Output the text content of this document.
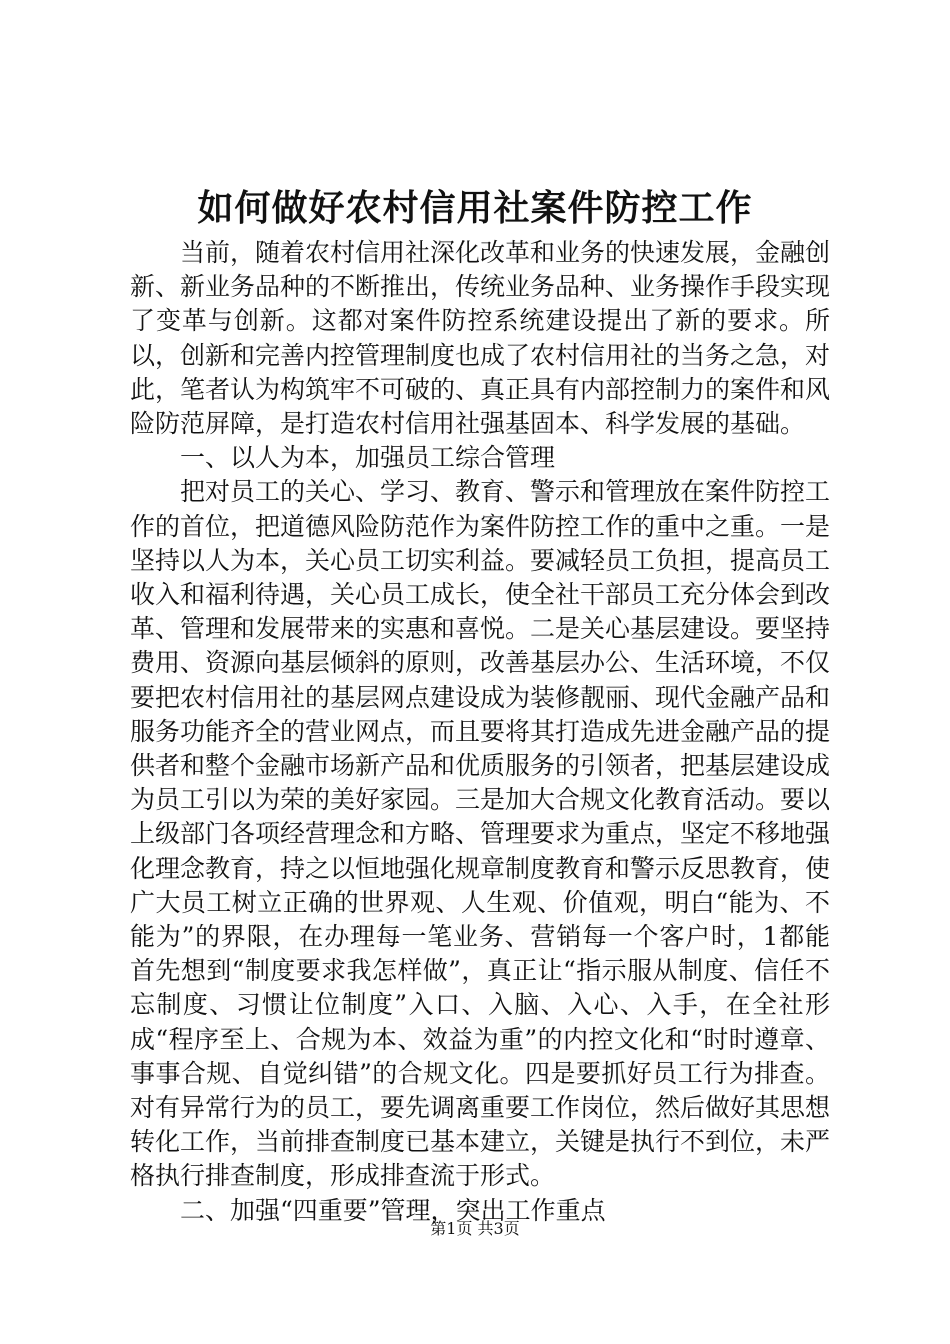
如何做好农村信用社案件防控工作

当前，随着农村信用社深化改革和业务的快速发展，金融创新、新业务品种的不断推出，传统业务品种、业务操作手段实现了变革与创新。这都对案件防控系统建设提出了新的要求。所以，创新和完善内控管理制度也成了农村信用社的当务之急，对此，笔者认为构筑牢不可破的、真正具有内部控制力的案件和风险防范屏障，是打造农村信用社强基固本、科学发展的基础。

一、以人为本，加强员工综合管理

把对员工的关心、学习、教育、警示和管理放在案件防控工作的首位，把道德风险防范作为案件防控工作的重中之重。一是坚持以人为本，关心员工切实利益。要减轻员工负担，提高员工收入和福利待遇，关心员工成长，使全社干部员工充分体会到改革、管理和发展带来的实惠和喜悦。二是关心基层建设。要坚持费用、资源向基层倾斜的原则，改善基层办公、生活环境，不仅要把农村信用社的基层网点建设成为装修靓丽、现代金融产品和服务功能齐全的营业网点，而且要将其打造成先进金融产品的提供者和整个金融市场新产品和优质服务的引领者，把基层建设成为员工引以为荣的美好家园。三是加大合规文化教育活动。要以上级部门各项经营理念和方略、管理要求为重点，坚定不移地强化理念教育，持之以恒地强化规章制度教育和警示反思教育，使广大员工树立正确的世界观、人生观、价值观，明白“能为、不能为”的界限，在办理每一笔业务、营销每一个客户时，1都能首先想到“制度要求我怎样做”，真正让“指示服从制度、信任不忘制度、习惯让位制度”入口、入脑、入心、入手，在全社形成“程序至上、合规为本、效益为重”的内控文化和“时时遵章、事事合规、自觉纠错”的合规文化。四是要抓好员工行为排查。对有异常行为的员工，要先调离重要工作岗位，然后做好其思想转化工作，当前排查制度已基本建立，关键是执行不到位，未严格执行排查制度，形成排查流于形式。

二、加强“四重要”管理，突出工作重点

第1页 共3页
